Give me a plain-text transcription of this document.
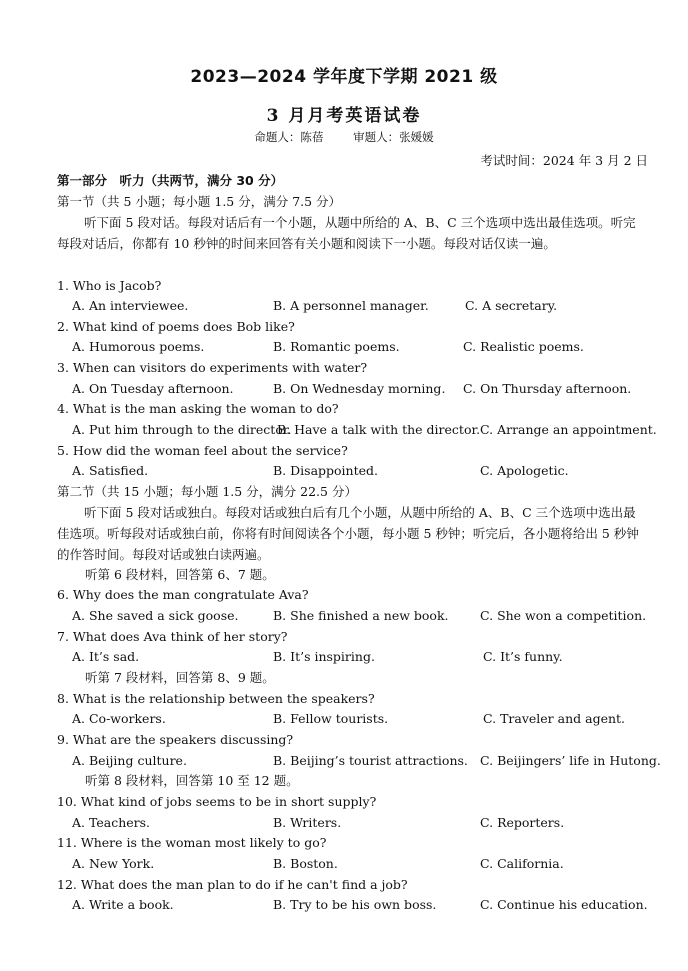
2023—2024 学年度下学期 2021 级
3 月月考英语试卷
命题人：陈蓓	审题人：张媛媛
考试时间：2024 年 3 月 2 日
第一部分　听力（共两节，满分 30 分）
第一节（共 5 小题；每小题 1.5 分，满分 7.5 分）
听下面 5 段对话。每段对话后有一个小题，从题中所给的 A、B、C 三个选项中选出最佳选项。听完每段对话后，你都有 10 秒钟的时间来回答有关小题和阅读下一小题。每段对话仅读一遍。
1. Who is Jacob?
A. An interviewee.	B. A personnel manager.	C. A secretary.
2. What kind of poems does Bob like?
A. Humorous poems.	B. Romantic poems.	C. Realistic poems.
3. When can visitors do experiments with water?
A. On Tuesday afternoon.	B. On Wednesday morning. C. On Thursday afternoon.
4. What is the man asking the woman to do?
A. Put him through to the director.
B. Have a talk with the director. C. Arrange an appointment.
5. How did the woman feel about the service?
A. Satisfied.	B. Disappointed.	C. Apologetic.
第二节（共 15 小题；每小题 1.5 分，满分 22.5 分）
听下面 5 段对话或独白。每段对话或独白后有几个小题，从题中所给的 A、B、C 三个选项中选出最佳选项。听每段对话或独白前，你将有时间阅读各个小题，每小题 5 秒钟；听完后，各小题将给出 5 秒钟的作答时间。每段对话或独白读两遍。
听第 6 段材料，回答第 6、7 题。
6. Why does the man congratulate Ava?
A. She saved a sick goose.	B. She finished a new book.	C. She won a competition.
7. What does Ava think of her story?
A. It’s sad.	B. It’s inspiring.	C. It’s funny.
听第 7 段材料，回答第 8、9 题。
8. What is the relationship between the speakers?
A. Co-workers.	B. Fellow tourists.	C. Traveler and agent.
9. What are the speakers discussing?
A. Beijing culture.	B. Beijing’s tourist attractions. C. Beijingers’ life in Hutong.
听第 8 段材料，回答第 10 至 12 题。
10. What kind of jobs seems to be in short supply?
A. Teachers.	B. Writers.	C. Reporters.
11. Where is the woman most likely to go?
A. New York.	B. Boston.	C. California.
12. What does the man plan to do if he can't find a job?
A. Write a book.	B. Try to be his own boss.	C. Continue his education.
